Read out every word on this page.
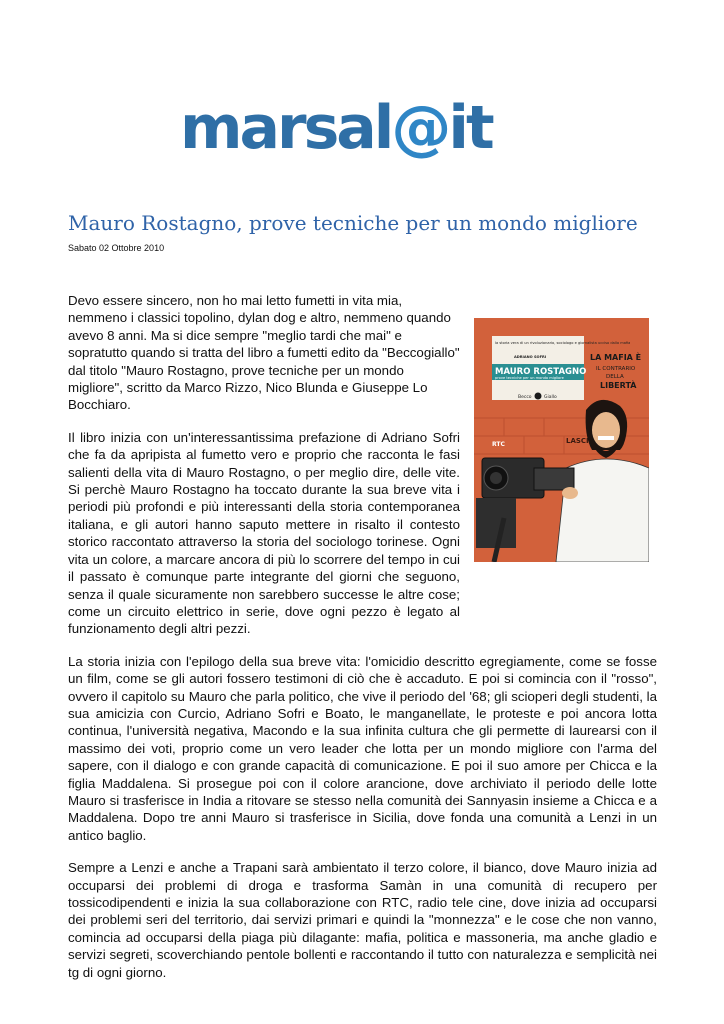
marsal@it
Mauro Rostagno, prove tecniche per un mondo migliore
Sabato 02 Ottobre 2010

Devo essere sincero, non ho mai letto fumetti in vita mia, nemmeno i classici topolino, dylan dog e altro, nemmeno quando avevo 8 anni. Ma si dice sempre "meglio tardi che mai" e sopratutto quando si tratta del libro a fumetti edito da "Beccogiallo" dal titolo "Mauro Rostagno, prove tecniche per un mondo migliore", scritto da Marco Rizzo, Nico Blunda e Giuseppe Lo Bocchiaro.

Il libro inizia con un'interessantissima prefazione di Adriano Sofri che fa da apripista al fumetto vero e proprio che racconta le fasi salienti della vita di Mauro Rostagno, o per meglio dire, delle vite. Si perchè Mauro Rostagno ha toccato durante la sua breve vita i periodi più profondi e più interessanti della storia contemporanea italiana, e gli autori hanno saputo mettere in risalto il contesto storico raccontato attraverso la storia del sociologo torinese. Ogni vita un colore, a marcare ancora di più lo scorrere del tempo in cui il passato è comunque parte integrante del giorni che seguono, senza il quale sicuramente non sarebbero successe le altre cose; come un circuito elettrico in serie, dove ogni pezzo è legato al funzionamento degli altri pezzi.

La storia inizia con l'epilogo della sua breve vita: l'omicidio descritto egregiamente, come se fosse un film, come se gli autori fossero testimoni di ciò che è accaduto. E poi si comincia con il "rosso", ovvero il capitolo su Mauro che parla politico, che vive il periodo del '68; gli scioperi degli studenti, la sua amicizia con Curcio, Adriano Sofri e Boato, le manganellate, le proteste e poi ancora lotta continua, l'università negativa, Macondo e la sua infinita cultura che gli permette di laurearsi con il massimo dei voti, proprio come un vero leader che lotta per un mondo migliore con l'arma del sapere, con il dialogo e con grande capacità di comunicazione. E poi il suo amore per Chicca e la figlia Maddalena. Si prosegue poi con il colore arancione, dove archiviato il periodo delle lotte Mauro si trasferisce in India a ritovare se stesso nella comunità dei Sannyasin insieme a Chicca e a Maddalena. Dopo tre anni Mauro si trasferisce in Sicilia, dove fonda una comunità a Lenzi in un antico baglio.

Sempre a Lenzi e anche a Trapani sarà ambientato il terzo colore, il bianco, dove Mauro inizia ad occuparsi dei problemi di droga e trasforma Samàn in una comunità di recupero per tossicodipendenti e inizia la sua collaborazione con RTC, radio tele cine, dove inizia ad occuparsi dei problemi seri del territorio, dai servizi primari e quindi la "monnezza" e le cose che non vanno, comincia ad occuparsi della piaga più dilagante: mafia, politica e massoneria, ma anche gladio e servizi segreti, scoverchiando pentole bollenti e raccontando il tutto con naturalezza e semplicità nei tg di ogni giorno.

la storia vera di un rivoluzionario, sociologo e giornalista ucciso dalla mafia
ADRIANO SOFRI
MAURO ROSTAGNO
prove tecniche per un mondo migliore
Becco	Giallo
LA MAFIA È
IL CONTRARIO
DELLA
LIBERTÀ
LASCI
RTC
